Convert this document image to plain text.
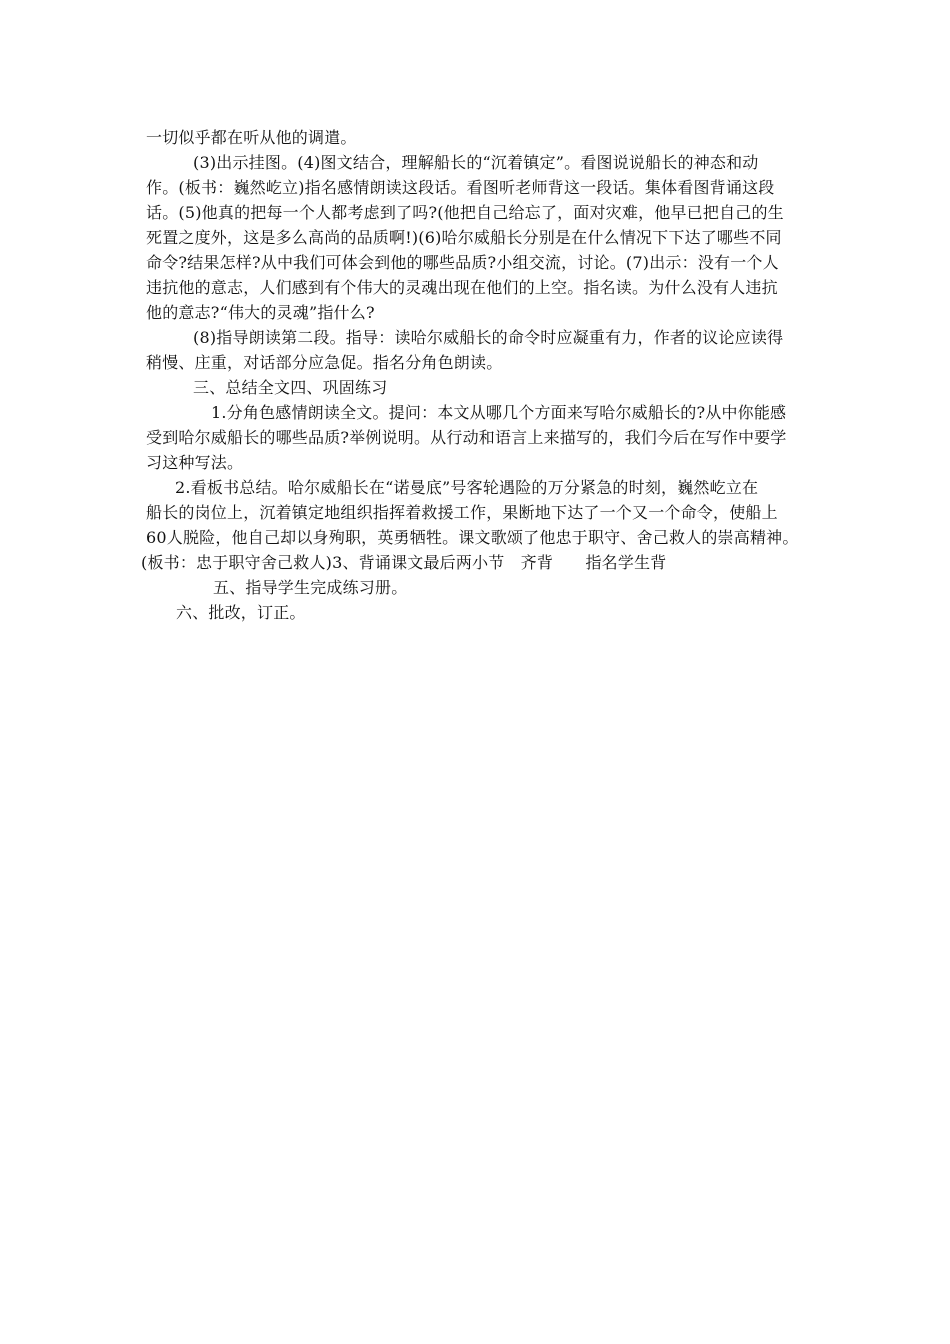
一切似乎都在听从他的调遣。
(3)出示挂图。(4)图文结合，理解船长的“沉着镇定”。看图说说船长的神态和动
作。(板书：巍然屹立)指名感情朗读这段话。看图听老师背这一段话。集体看图背诵这段
话。(5)他真的把每一个人都考虑到了吗?(他把自己给忘了，面对灾难，他早已把自己的生
死置之度外，这是多么高尚的品质啊!)(6)哈尔威船长分别是在什么情况下下达了哪些不同
命令?结果怎样?从中我们可体会到他的哪些品质?小组交流，讨论。(7)出示：没有一个人
违抗他的意志，人们感到有个伟大的灵魂出现在他们的上空。指名读。为什么没有人违抗
他的意志?“伟大的灵魂”指什么?
(8)指导朗读第二段。指导：读哈尔威船长的命令时应凝重有力，作者的议论应读得
稍慢、庄重，对话部分应急促。指名分角色朗读。
三、总结全文四、巩固练习
1.分角色感情朗读全文。提问：本文从哪几个方面来写哈尔威船长的?从中你能感
受到哈尔威船长的哪些品质?举例说明。从行动和语言上来描写的，我们今后在写作中要学
习这种写法。
2.看板书总结。哈尔威船长在“诺曼底”号客轮遇险的万分紧急的时刻，巍然屹立在
船长的岗位上，沉着镇定地组织指挥着救援工作，果断地下达了一个又一个命令，使船上
60人脱险，他自己却以身殉职，英勇牺牲。课文歌颂了他忠于职守、舍己救人的崇高精神。
(板书：忠于职守舍己救人)3、背诵课文最后两小节　齐背　　指名学生背
五、指导学生完成练习册。
六、批改，订正。
